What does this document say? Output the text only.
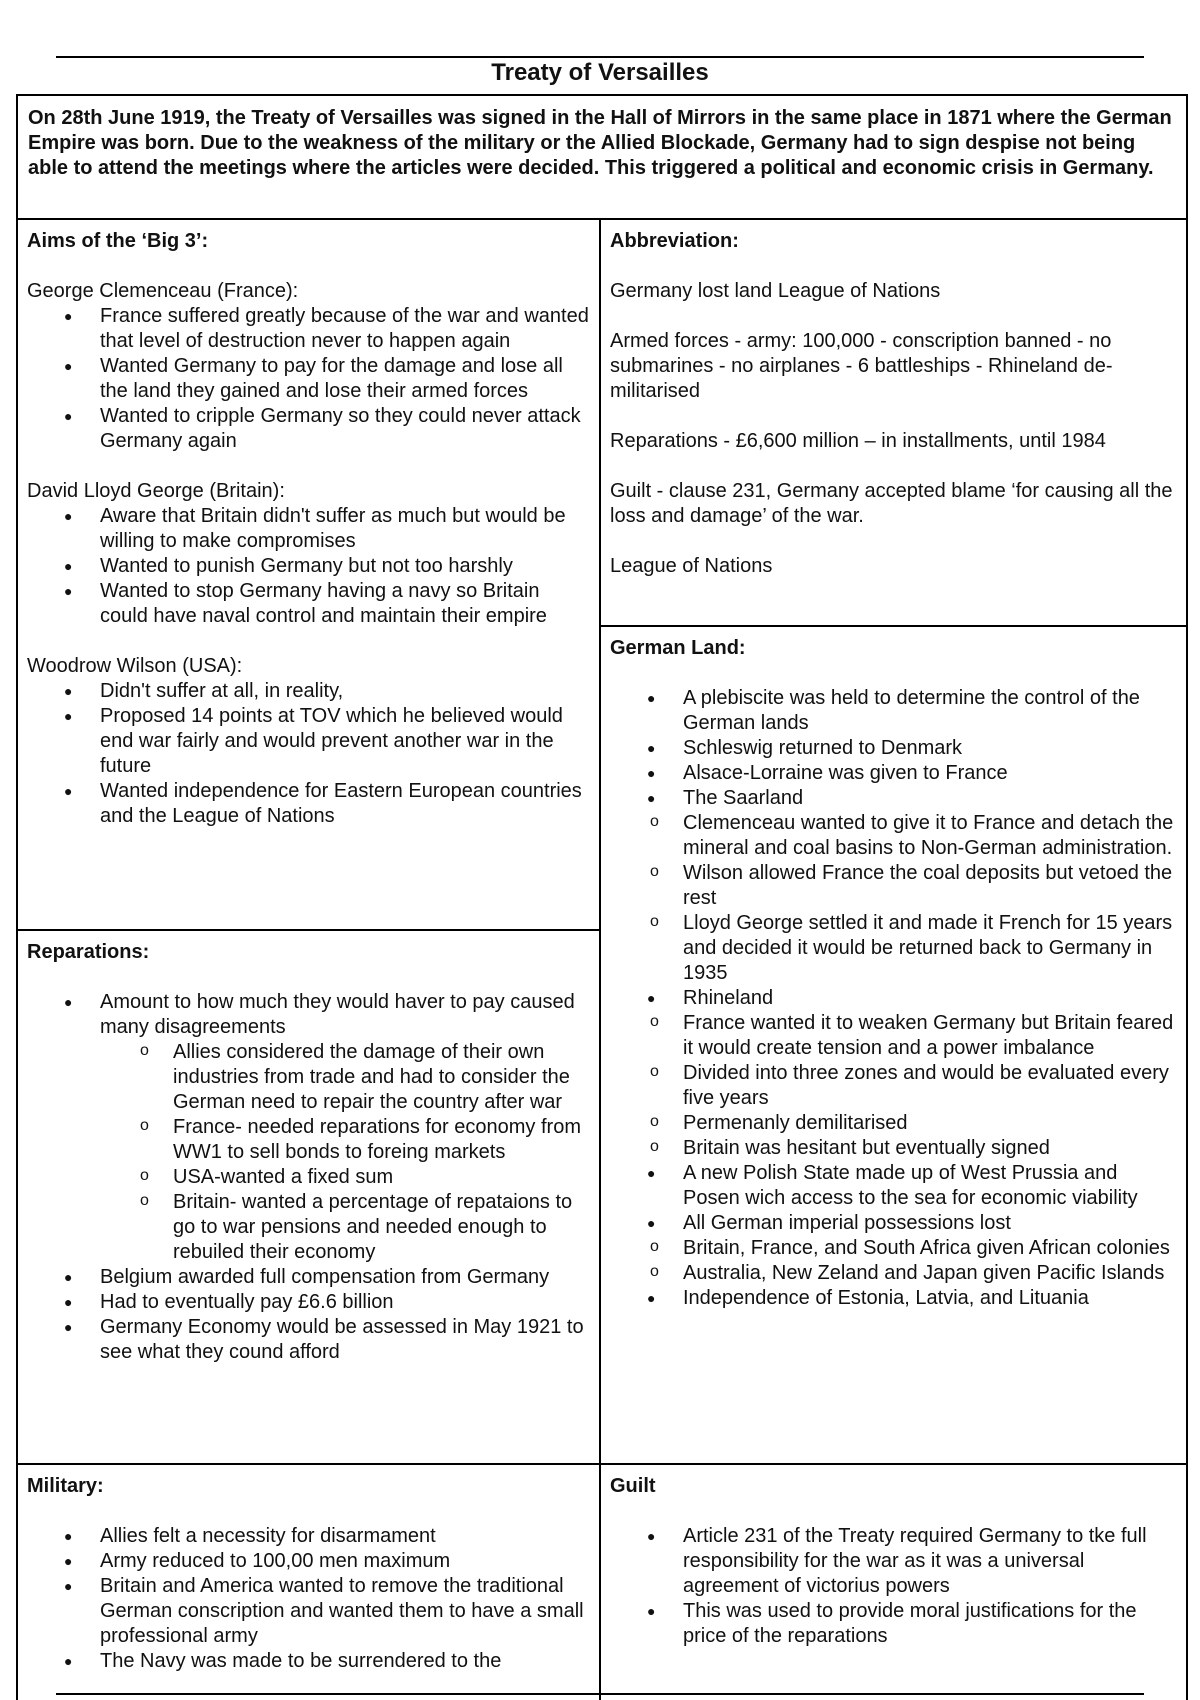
Treaty of Versailles
On 28th June 1919, the Treaty of Versailles was signed in the Hall of Mirrors in the same place in 1871 where the German Empire was born. Due to the weakness of the military or the Allied Blockade, Germany had to sign despise not being able to attend the meetings where the articles were decided. This triggered a political and economic crisis in Germany.
Aims of the ‘Big 3’:
George Clemenceau (France):
● France suffered greatly because of the war and wanted that level of destruction never to happen again
● Wanted Germany to pay for the damage and lose all the land they gained and lose their armed forces
● Wanted to cripple Germany so they could never attack Germany again
David Lloyd George (Britain):
● Aware that Britain didn't suffer as much but would be willing to make compromises
● Wanted to punish Germany but not too harshly
● Wanted to stop Germany having a navy so Britain could have naval control and maintain their empire
Woodrow Wilson (USA):
● Didn't suffer at all, in reality,
● Proposed 14 points at TOV which he believed would end war fairly and would prevent another war in the future
● Wanted independence for Eastern European countries and the League of Nations
Abbreviation:
Germany lost land League of Nations
Armed forces - army: 100,000 - conscription banned - no submarines - no airplanes - 6 battleships - Rhineland de-militarised
Reparations - £6,600 million – in installments, until 1984
Guilt - clause 231, Germany accepted blame ‘for causing all the loss and damage’ of the war.
League of Nations
German Land:
● A plebiscite was held to determine the control of the German lands
● Schleswig returned to Denmark
● Alsace-Lorraine was given to France
● The Saarland
o Clemenceau wanted to give it to France and detach the mineral and coal basins to Non-German administration.
o Wilson allowed France the coal deposits but vetoed the rest
o Lloyd George settled it and made it French for 15 years and decided it would be returned back to Germany in 1935
● Rhineland
o France wanted it to weaken Germany but Britain feared it would create tension and a power imbalance
o Divided into three zones and would be evaluated every five years
o Permenanly demilitarised
o Britain was hesitant but eventually signed
● A new Polish State made up of West Prussia and Posen wich access to the sea for economic viability
● All German imperial possessions lost
o Britain, France, and South Africa given African colonies
o Australia, New Zeland and Japan given Pacific Islands
● Independence of Estonia, Latvia, and Lituania
Reparations:
● Amount to how much they would haver to pay caused many disagreements
o Allies considered the damage of their own industries from trade and had to consider the German need to repair the country after war
o France- needed reparations for economy from WW1 to sell bonds to foreing markets
o USA-wanted a fixed sum
o Britain- wanted a percentage of repataions to go to war pensions and needed enough to rebuiled their economy
● Belgium awarded full compensation from Germany
● Had to eventually pay £6.6 billion
● Germany Economy would be assessed in May 1921 to see what they cound afford
Military:
● Allies felt a necessity for disarmament
● Army reduced to 100,00 men maximum
● Britain and America wanted to remove the traditional German conscription and wanted them to have a small professional army
● The Navy was made to be surrendered to the
Guilt
● Article 231 of the Treaty required Germany to tke full responsibility for the war as it was a universal agreement of victorius powers
● This was used to provide moral justifications for the price of the reparations
